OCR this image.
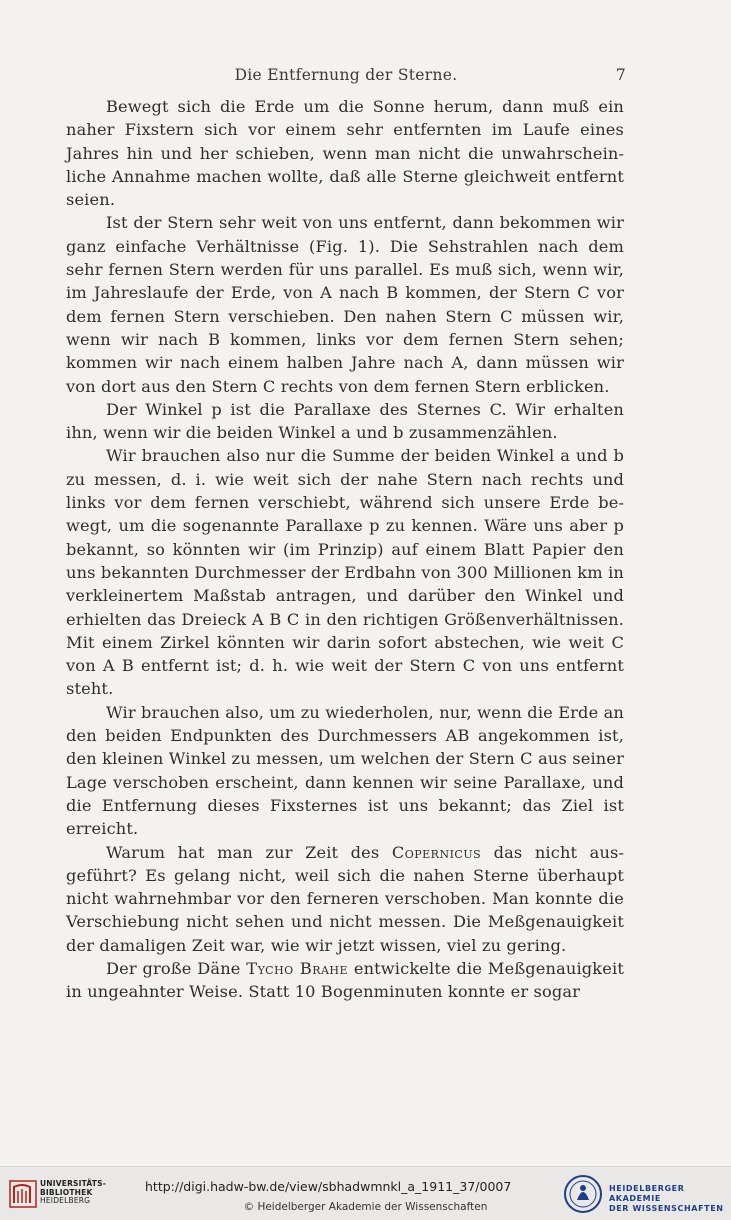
Die Entfernung der Sterne.	7

Bewegt sich die Erde um die Sonne herum, dann muß ein naher Fixstern sich vor einem sehr entfernten im Laufe eines Jahres hin und her schieben, wenn man nicht die unwahrscheinliche Annahme machen wollte, daß alle Sterne gleichweit entfernt seien.

Ist der Stern sehr weit von uns entfernt, dann bekommen wir ganz einfache Verhältnisse (Fig. 1). Die Sehstrahlen nach dem sehr fernen Stern werden für uns parallel. Es muß sich, wenn wir, im Jahreslaufe der Erde, von A nach B kommen, der Stern C vor dem fernen Stern verschieben. Den nahen Stern C müssen wir, wenn wir nach B kommen, links vor dem fernen Stern sehen; kommen wir nach einem halben Jahre nach A, dann müssen wir von dort aus den Stern C rechts von dem fernen Stern erblicken.

Der Winkel p ist die Parallaxe des Sternes C. Wir erhalten ihn, wenn wir die beiden Winkel a und b zusammenzählen.

Wir brauchen also nur die Summe der beiden Winkel a und b zu messen, d. i. wie weit sich der nahe Stern nach rechts und links vor dem fernen verschiebt, während sich unsere Erde bewegt, um die sogenannte Parallaxe p zu kennen. Wäre uns aber p bekannt, so könnten wir (im Prinzip) auf einem Blatt Papier den uns bekannten Durchmesser der Erdbahn von 300 Millionen km in verkleinertem Maßstab antragen, und darüber den Winkel und erhielten das Dreieck A B C in den richtigen Größenverhältnissen. Mit einem Zirkel könnten wir darin sofort abstechen, wie weit C von A B entfernt ist; d. h. wie weit der Stern C von uns entfernt steht.

Wir brauchen also, um zu wiederholen, nur, wenn die Erde an den beiden Endpunkten des Durchmessers AB angekommen ist, den kleinen Winkel zu messen, um welchen der Stern C aus seiner Lage verschoben erscheint, dann kennen wir seine Parallaxe, und die Entfernung dieses Fixsternes ist uns bekannt; das Ziel ist erreicht.

Warum hat man zur Zeit des Copernicus das nicht ausgeführt? Es gelang nicht, weil sich die nahen Sterne überhaupt nicht wahrnehmbar vor den ferneren verschoben. Man konnte die Verschiebung nicht sehen und nicht messen. Die Meßgenauigkeit der damaligen Zeit war, wie wir jetzt wissen, viel zu gering.

Der große Däne Tycho Brahe entwickelte die Meßgenauigkeit in ungeahnter Weise. Statt 10 Bogenminuten konnte er sogar

UNIVERSITÄTS-
BIBLIOTHEK
HEIDELBERG
http://digi.hadw-bw.de/view/sbhadwmnkl_a_1911_37/0007
© Heidelberger Akademie der Wissenschaften
HEIDELBERGER AKADEMIE
DER WISSENSCHAFTEN
